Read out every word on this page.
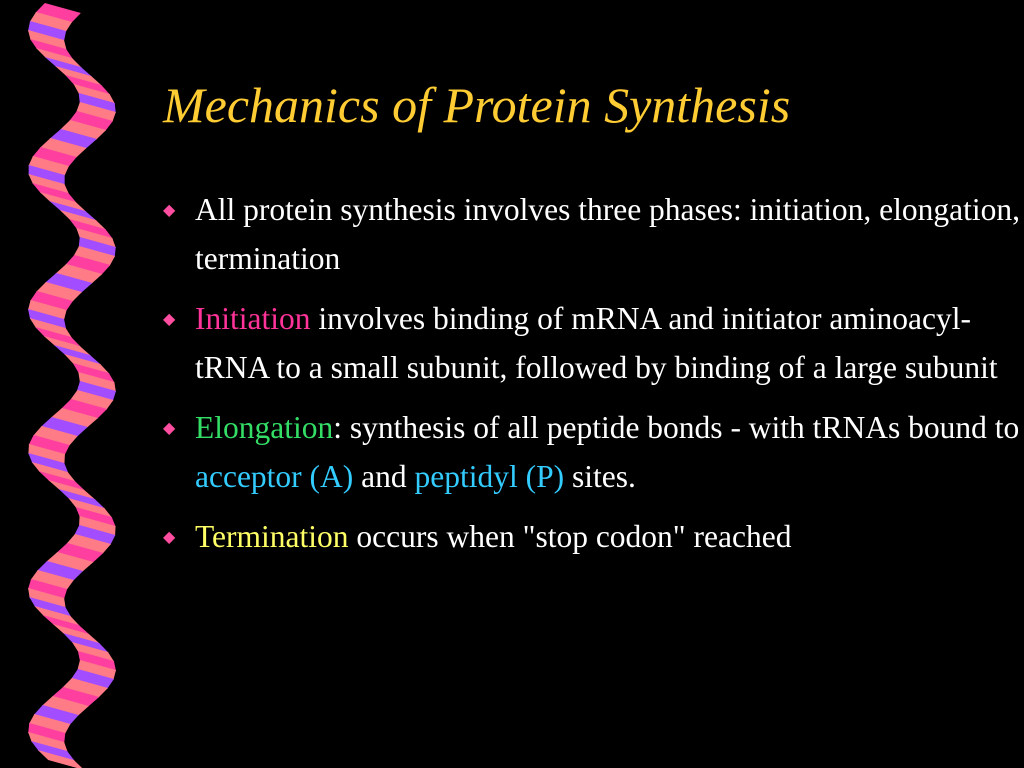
Mechanics of Protein Synthesis
◆ All protein synthesis involves three phases: initiation, elongation, termination
◆ Initiation involves binding of mRNA and initiator aminoacyl-tRNA to a small subunit, followed by binding of a large subunit
◆ Elongation: synthesis of all peptide bonds - with tRNAs bound to acceptor (A) and peptidyl (P) sites.
◆ Termination occurs when "stop codon" reached
